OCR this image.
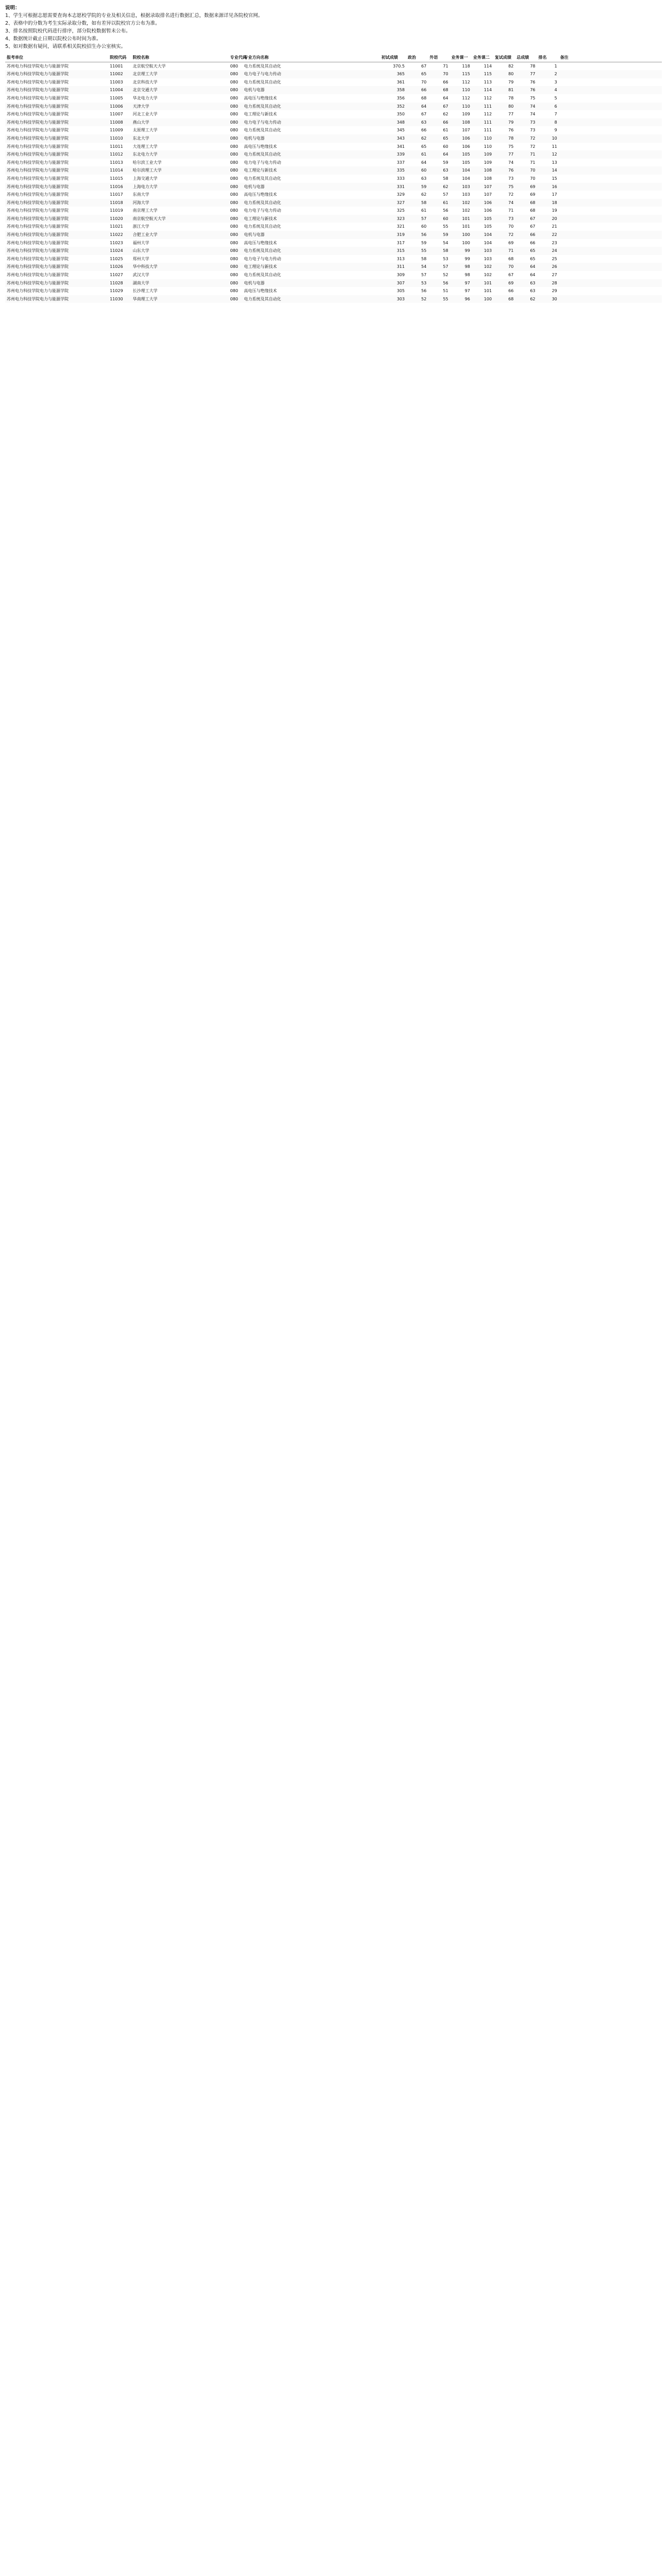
说明：

1、学生可根据志愿需要查询本志愿校学院的专业及相关信息，根据录取排名进行数据汇总，数据来源详见各院校官网。

2、表格中的分数为考生实际录取分数，如有差异以院校官方公布为准。

3、排名按照院校代码进行排序，部分院校数据暂未公布。

4、数据统计截止日期以院校公布时间为准。

5、如对数据有疑问，请联系相关院校招生办公室核实。

报考单位	院校代码	院校名称	专业代码	专业方向名称	初试成绩	政治	外语	业务课一	业务课二	复试成绩	总成绩	排名	备注
苏州电力科技学院电力与能源学院	11001	北京航空航天大学	080	电力系统及其自动化	370.5	67	71	118	114	82	78	1	
苏州电力科技学院电力与能源学院	11002	北京理工大学	080	电力电子与电力传动	365	65	70	115	115	80	77	2	
苏州电力科技学院电力与能源学院	11003	北京科技大学	080	电力系统及其自动化	361	70	66	112	113	79	76	3	
苏州电力科技学院电力与能源学院	11004	北京交通大学	080	电机与电器	358	66	68	110	114	81	76	4	
苏州电力科技学院电力与能源学院	11005	华北电力大学	080	高电压与绝缘技术	356	68	64	112	112	78	75	5	
苏州电力科技学院电力与能源学院	11006	天津大学	080	电力系统及其自动化	352	64	67	110	111	80	74	6	
苏州电力科技学院电力与能源学院	11007	河北工业大学	080	电工理论与新技术	350	67	62	109	112	77	74	7	
苏州电力科技学院电力与能源学院	11008	燕山大学	080	电力电子与电力传动	348	63	66	108	111	79	73	8	
苏州电力科技学院电力与能源学院	11009	太原理工大学	080	电力系统及其自动化	345	66	61	107	111	76	73	9	
苏州电力科技学院电力与能源学院	11010	东北大学	080	电机与电器	343	62	65	106	110	78	72	10	
苏州电力科技学院电力与能源学院	11011	大连理工大学	080	高电压与绝缘技术	341	65	60	106	110	75	72	11	
苏州电力科技学院电力与能源学院	11012	东北电力大学	080	电力系统及其自动化	339	61	64	105	109	77	71	12	
苏州电力科技学院电力与能源学院	11013	哈尔滨工业大学	080	电力电子与电力传动	337	64	59	105	109	74	71	13	
苏州电力科技学院电力与能源学院	11014	哈尔滨理工大学	080	电工理论与新技术	335	60	63	104	108	76	70	14	
苏州电力科技学院电力与能源学院	11015	上海交通大学	080	电力系统及其自动化	333	63	58	104	108	73	70	15	
苏州电力科技学院电力与能源学院	11016	上海电力大学	080	电机与电器	331	59	62	103	107	75	69	16	
苏州电力科技学院电力与能源学院	11017	东南大学	080	高电压与绝缘技术	329	62	57	103	107	72	69	17	
苏州电力科技学院电力与能源学院	11018	河海大学	080	电力系统及其自动化	327	58	61	102	106	74	68	18	
苏州电力科技学院电力与能源学院	11019	南京理工大学	080	电力电子与电力传动	325	61	56	102	106	71	68	19	
苏州电力科技学院电力与能源学院	11020	南京航空航天大学	080	电工理论与新技术	323	57	60	101	105	73	67	20	
苏州电力科技学院电力与能源学院	11021	浙江大学	080	电力系统及其自动化	321	60	55	101	105	70	67	21	
苏州电力科技学院电力与能源学院	11022	合肥工业大学	080	电机与电器	319	56	59	100	104	72	66	22	
苏州电力科技学院电力与能源学院	11023	福州大学	080	高电压与绝缘技术	317	59	54	100	104	69	66	23	
苏州电力科技学院电力与能源学院	11024	山东大学	080	电力系统及其自动化	315	55	58	99	103	71	65	24	
苏州电力科技学院电力与能源学院	11025	郑州大学	080	电力电子与电力传动	313	58	53	99	103	68	65	25	
苏州电力科技学院电力与能源学院	11026	华中科技大学	080	电工理论与新技术	311	54	57	98	102	70	64	26	
苏州电力科技学院电力与能源学院	11027	武汉大学	080	电力系统及其自动化	309	57	52	98	102	67	64	27	
苏州电力科技学院电力与能源学院	11028	湖南大学	080	电机与电器	307	53	56	97	101	69	63	28	
苏州电力科技学院电力与能源学院	11029	长沙理工大学	080	高电压与绝缘技术	305	56	51	97	101	66	63	29	
苏州电力科技学院电力与能源学院	11030	华南理工大学	080	电力系统及其自动化	303	52	55	96	100	68	62	30	
